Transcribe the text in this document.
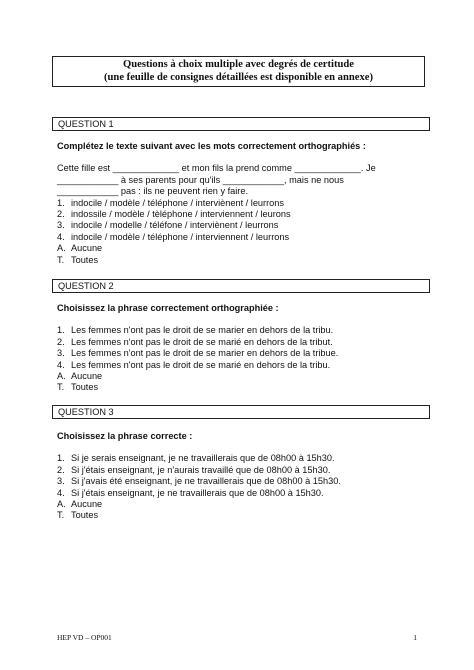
Questions à choix multiple avec degrés de certitude
(une feuille de consignes détaillées est disponible en annexe)
QUESTION 1
Complétez le texte suivant avec les mots correctement orthographiés :
Cette fille est _____________ et mon fils la prend comme _____________. Je
____________ à ses parents pour qu'ils ____________, mais ne nous
____________ pas : ils ne peuvent rien y faire.
1. indocile / modèle / téléphone / interviènent / leurrons
2. indossile / modèle / tèléphone / interviennent / leurons
3. indocile / modelle / téléfone / interviènent / leurrons
4. indocile / modèle / téléphone / interviennent / leurrons
A. Aucune
T. Toutes
QUESTION 2
Choisissez la phrase correctement orthographiée :
1. Les femmes n'ont pas le droit de se marier en dehors de la tribu.
2. Les femmes n'ont pas le droit de se marié en dehors de la tribut.
3. Les femmes n'ont pas le droit de se marier en dehors de la tribue.
4. Les femmes n'ont pas le droit de se marié en dehors de la tribu.
A. Aucune
T. Toutes
QUESTION 3
Choisissez la phrase correcte :
1. Si je serais enseignant, je ne travaillerais que de 08h00 à 15h30.
2. Si j'étais enseignant, je n'aurais travaillé que de 08h00 à 15h30.
3. Si j'avais été enseignant, je ne travaillerais que de 08h00 à 15h30.
4. Si j'étais enseignant, je ne travaillerais que de 08h00 à 15h30.
A. Aucune
T. Toutes
HEP VD – OP001	1
